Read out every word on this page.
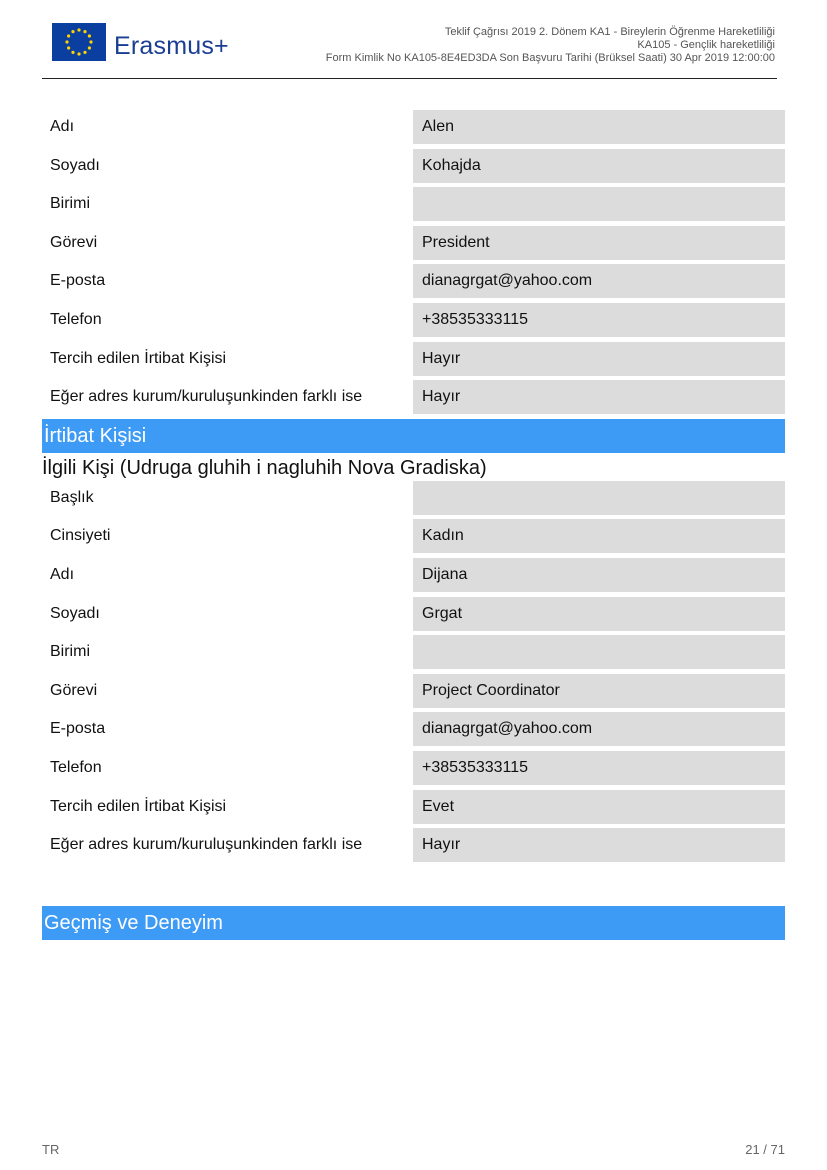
Erasmus+	Teklif Çağrısı 2019 2. Dönem KA1 - Bireylerin Öğrenme Hareketliliği
KA105 - Gençlik hareketliliği
Form Kimlik No KA105-8E4ED3DA Son Başvuru Tarihi (Brüksel Saati) 30 Apr 2019 12:00:00
Adı	Alen
Soyadı	Kohajda
Birimi
Görevi	President
E-posta	dianagrgat@yahoo.com
Telefon	+38535333115
Tercih edilen İrtibat Kişisi	Hayır
Eğer adres kurum/kuruluşunkinden farklı ise	Hayır
İrtibat Kişisi
İlgili Kişi (Udruga gluhih i nagluhih Nova Gradiska)
Başlık
Cinsiyeti	Kadın
Adı	Dijana
Soyadı	Grgat
Birimi
Görevi	Project Coordinator
E-posta	dianagrgat@yahoo.com
Telefon	+38535333115
Tercih edilen İrtibat Kişisi	Evet
Eğer adres kurum/kuruluşunkinden farklı ise	Hayır
Geçmiş ve Deneyim
TR	21 / 71
